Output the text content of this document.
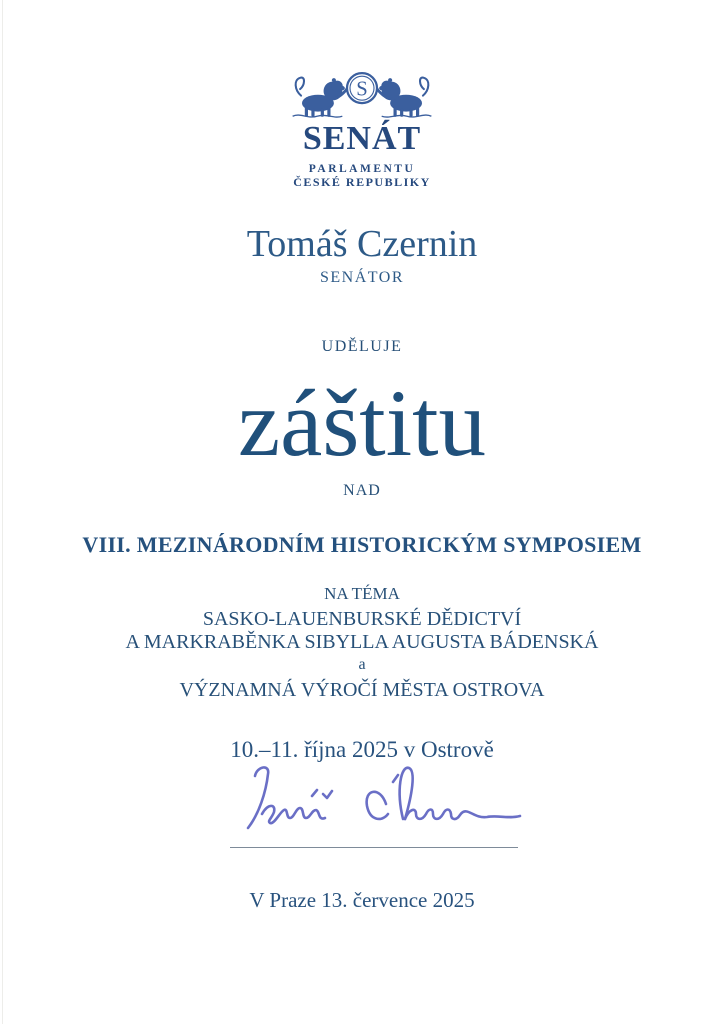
S
SENÁT
PARLAMENTU
ČESKÉ REPUBLIKY
Tomáš Czernin
SENÁTOR
UDĚLUJE
záštitu
NAD
VIII. MEZINÁRODNÍM HISTORICKÝM SYMPOSIEM
NA TÉMA
SASKO-LAUENBURSKÉ DĚDICTVÍ
A MARKRABĚNKA SIBYLLA AUGUSTA BÁDENSKÁ
a
VÝZNAMNÁ VÝROČÍ MĚSTA OSTROVA
10.–11. října 2025 v Ostrově
V Praze 13. července 2025
